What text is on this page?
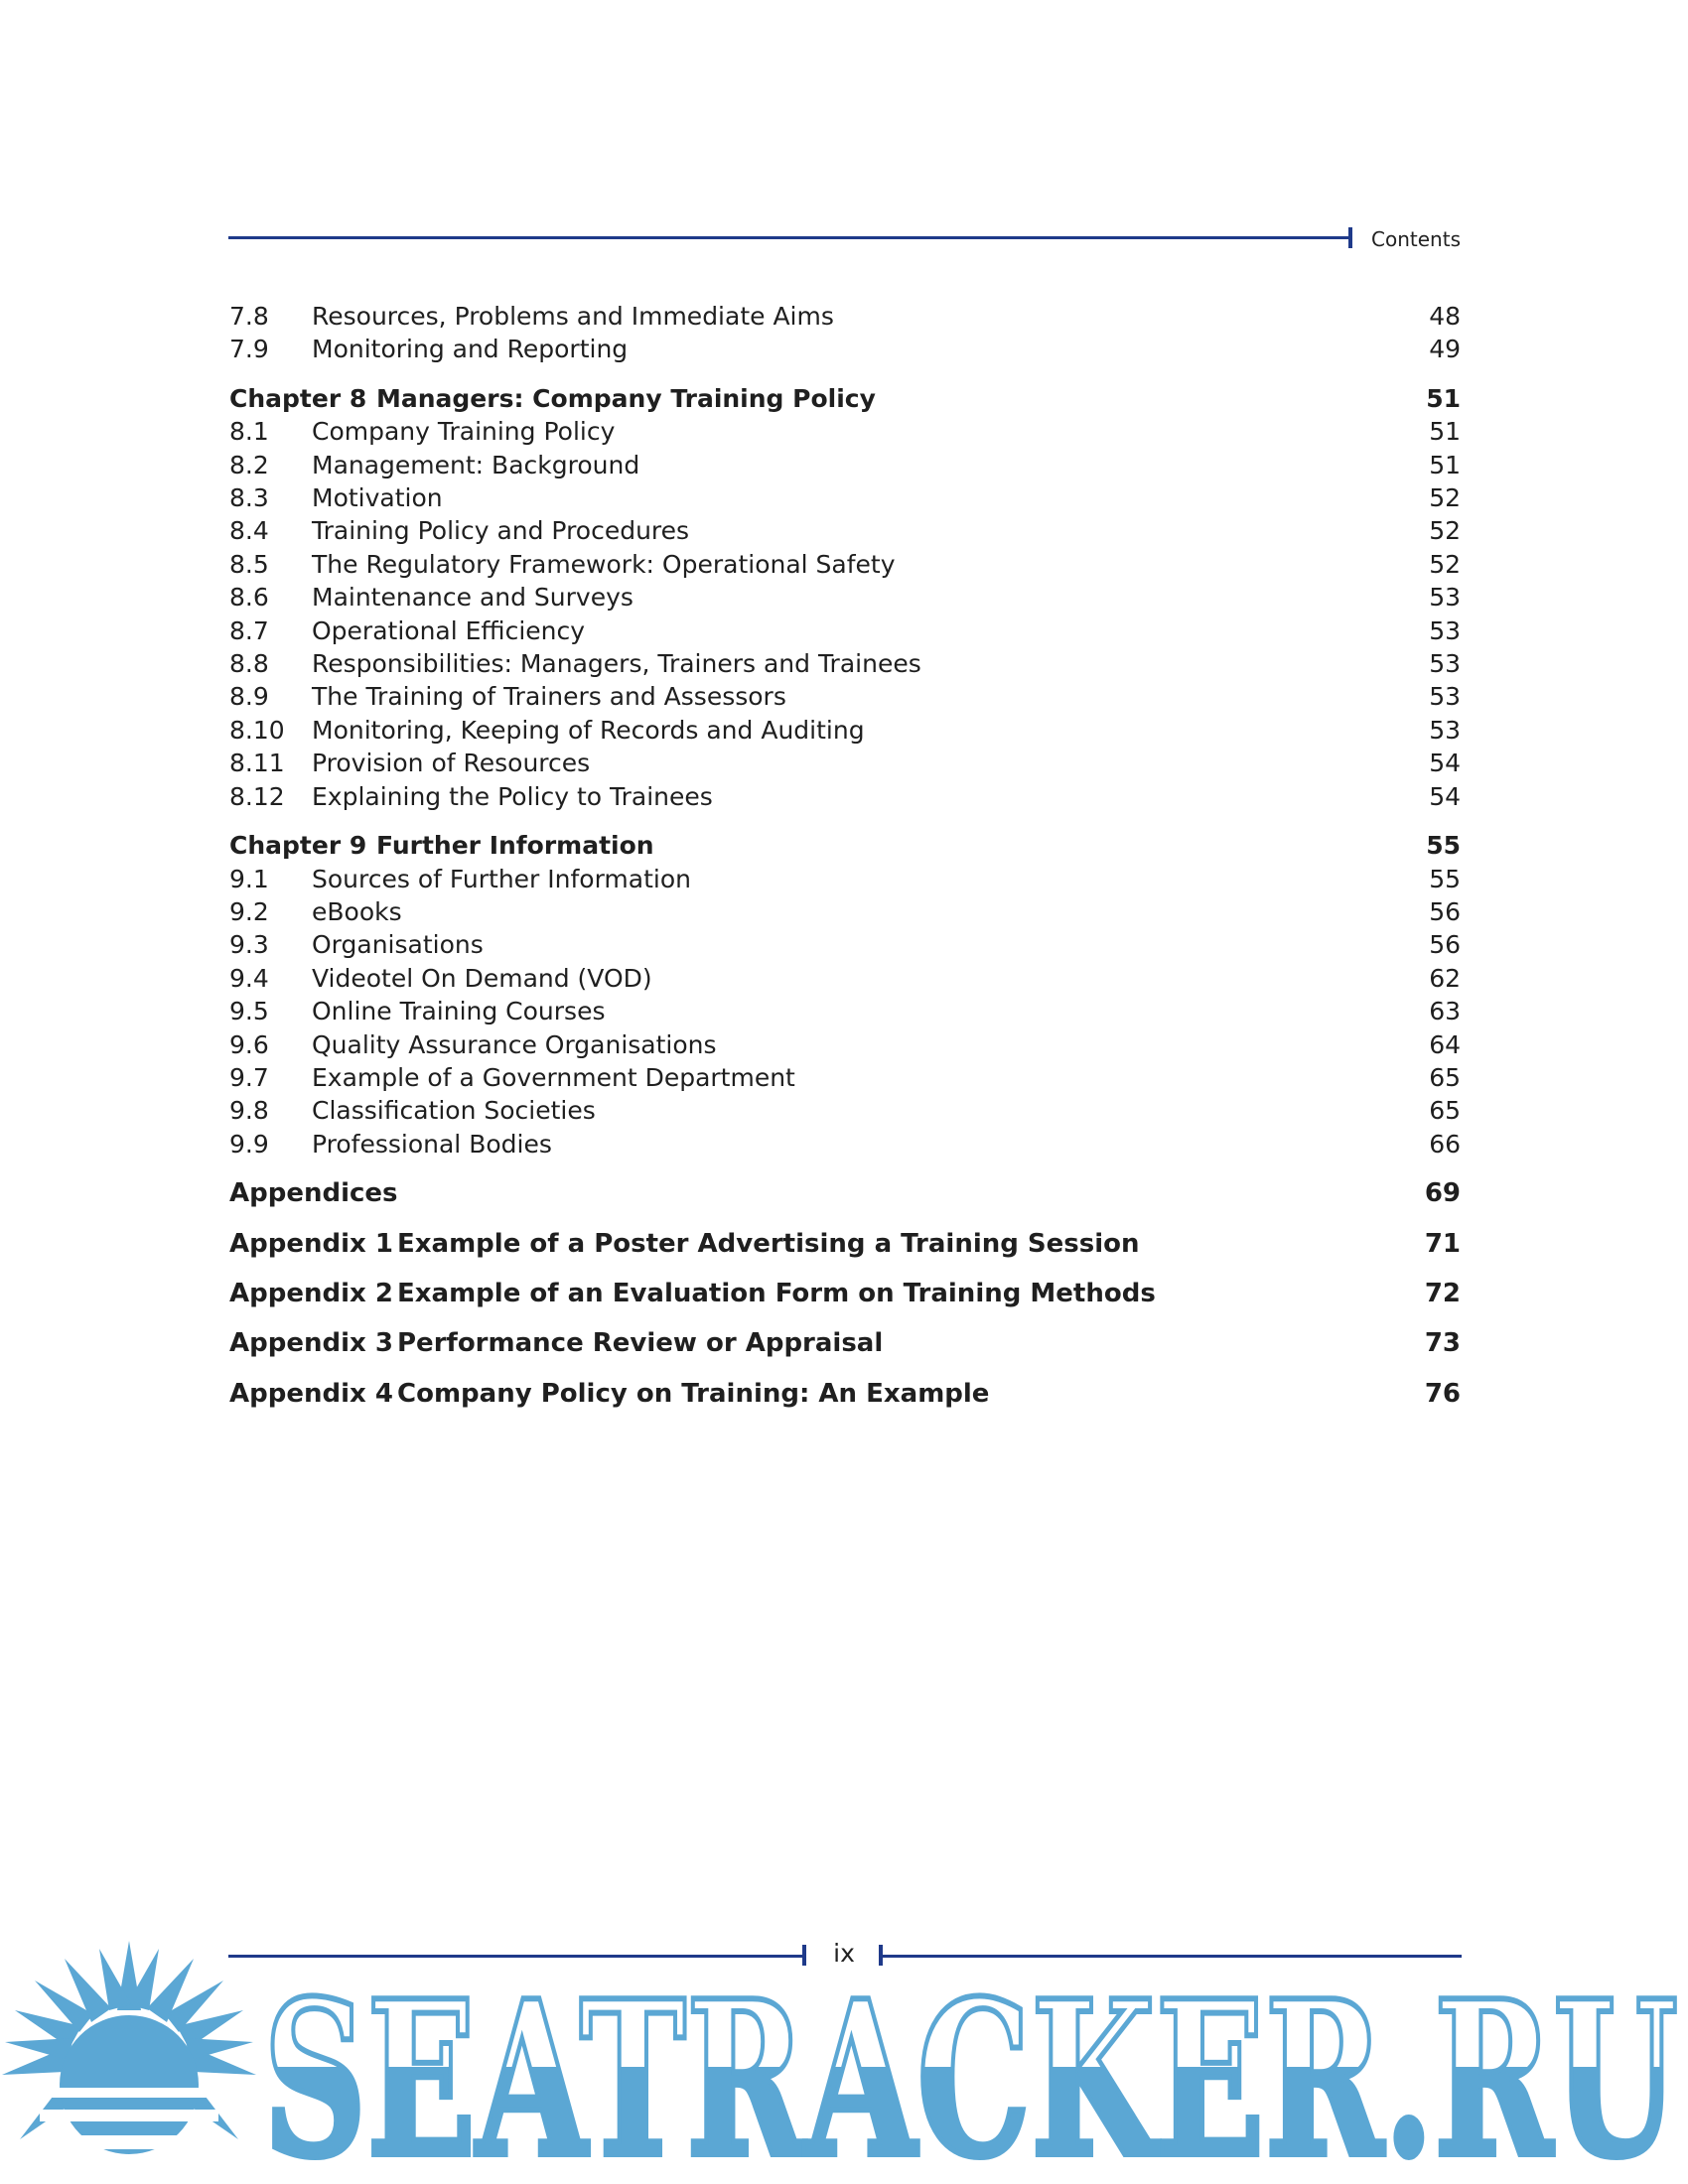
Contents
7.8	Resources, Problems and Immediate Aims	48
7.9	Monitoring and Reporting	49
Chapter 8 Managers: Company Training Policy	51
8.1	Company Training Policy	51
8.2	Management: Background	51
8.3	Motivation	52
8.4	Training Policy and Procedures	52
8.5	The Regulatory Framework: Operational Safety	52
8.6	Maintenance and Surveys	53
8.7	Operational Efficiency	53
8.8	Responsibilities: Managers, Trainers and Trainees	53
8.9	The Training of Trainers and Assessors	53
8.10	Monitoring, Keeping of Records and Auditing	53
8.11	Provision of Resources	54
8.12	Explaining the Policy to Trainees	54
Chapter 9 Further Information	55
9.1	Sources of Further Information	55
9.2	eBooks	56
9.3	Organisations	56
9.4	Videotel On Demand (VOD)	62
9.5	Online Training Courses	63
9.6	Quality Assurance Organisations	64
9.7	Example of a Government Department	65
9.8	Classification Societies	65
9.9	Professional Bodies	66
Appendices	69
Appendix 1 Example of a Poster Advertising a Training Session	71
Appendix 2 Example of an Evaluation Form on Training Methods	72
Appendix 3 Performance Review or Appraisal	73
Appendix 4 Company Policy on Training: An Example	76
ix
SEATRACKER.RU
